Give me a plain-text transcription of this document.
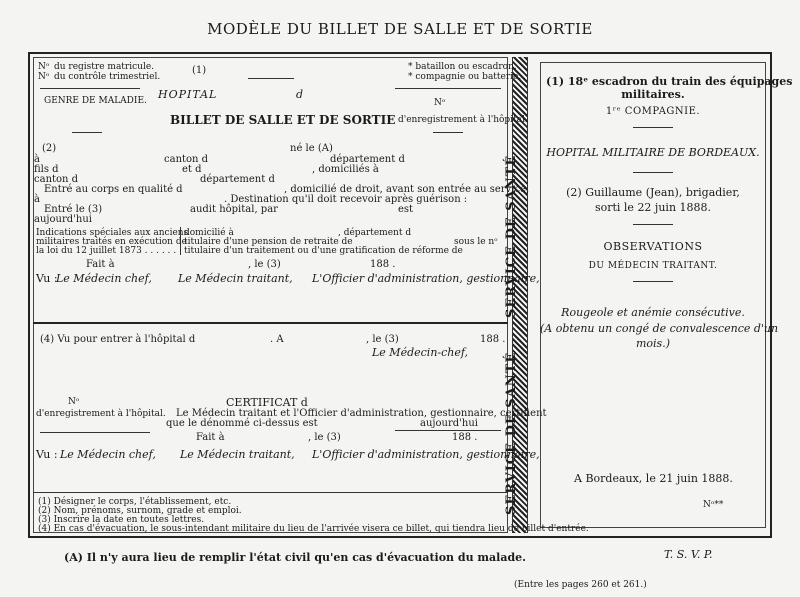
MODÈLE DU BILLET DE SALLE ET DE SORTIE
SERVICE DE SANTÉ
SERVICE DE SANTÉ
Nᵒ du registre matricule.
Nᵒ du contrôle trimestriel.
(1)	* bataillon ou escadron.
* compagnie ou batterie.
HOPITAL	d
GENRE DE MALADIE.	Nᵒ
BILLET DE SALLE ET DE SORTIE d'enregistrement à l'hôpital.
(2)	né le (A)
à	canton d	département d
fils d	et d	, domiciliés à
canton d	département d
Entré au corps en qualité d	, domicilié de droit, avant son entrée au service,
à	. Destination qu'il doit recevoir après guérison :
Entré le (3)	audit hôpital, par	est
aujourd'hui
Indications spéciales aux anciens
militaires traités en exécution de
la loi du 12 juillet 1873 . . . . . .
domicilié à	, département d
titulaire d'une pension de retraite de	sous le nᵒ
titulaire d'un traitement ou d'une gratification de réforme de
Fait à	, le (3)	188 .
Vu :
Le Médecin chef, Le Médecin traitant, L'Officier d'administration, gestionnaire,
(4) Vu pour entrer à l'hôpital d	. A	, le (3)	188 .
Le Médecin-chef,
Nᵒ	CERTIFICAT d
d'enregistrement à l'hôpital. Le Médecin traitant et l'Officier d'administration, gestionnaire, certifient
que le dénommé ci-dessus est	aujourd'hui
Fait à	, le (3)	188 .
Vu : Le Médecin chef, Le Médecin traitant, L'Officier d'administration, gestionnaire,
(1) Désigner le corps, l'établissement, etc.
(2) Nom, prénoms, surnom, grade et emploi.
(3) Inscrire la date en toutes lettres.
(4) En cas d'évacuation, le sous-intendant militaire du lieu de l'arrivée visera ce billet, qui tiendra lieu de billet d'entrée.
(1) 18ᵉ escadron du train des équipages
militaires.
1ʳᵉ COMPAGNIE.
HOPITAL MILITAIRE DE BORDEAUX.
(2) Guillaume (Jean), brigadier,
sorti le 22 juin 1888.
OBSERVATIONS
DU MÉDECIN TRAITANT.
Rougeole et anémie consécutive.
(A obtenu un congé de convalescence d'un
mois.)
A Bordeaux, le 21 juin 1888.
Nᵒ**
(A) Il n'y aura lieu de remplir l'état civil qu'en cas d'évacuation du malade.	T. S. V. P.
(Entre les pages 260 et 261.)
